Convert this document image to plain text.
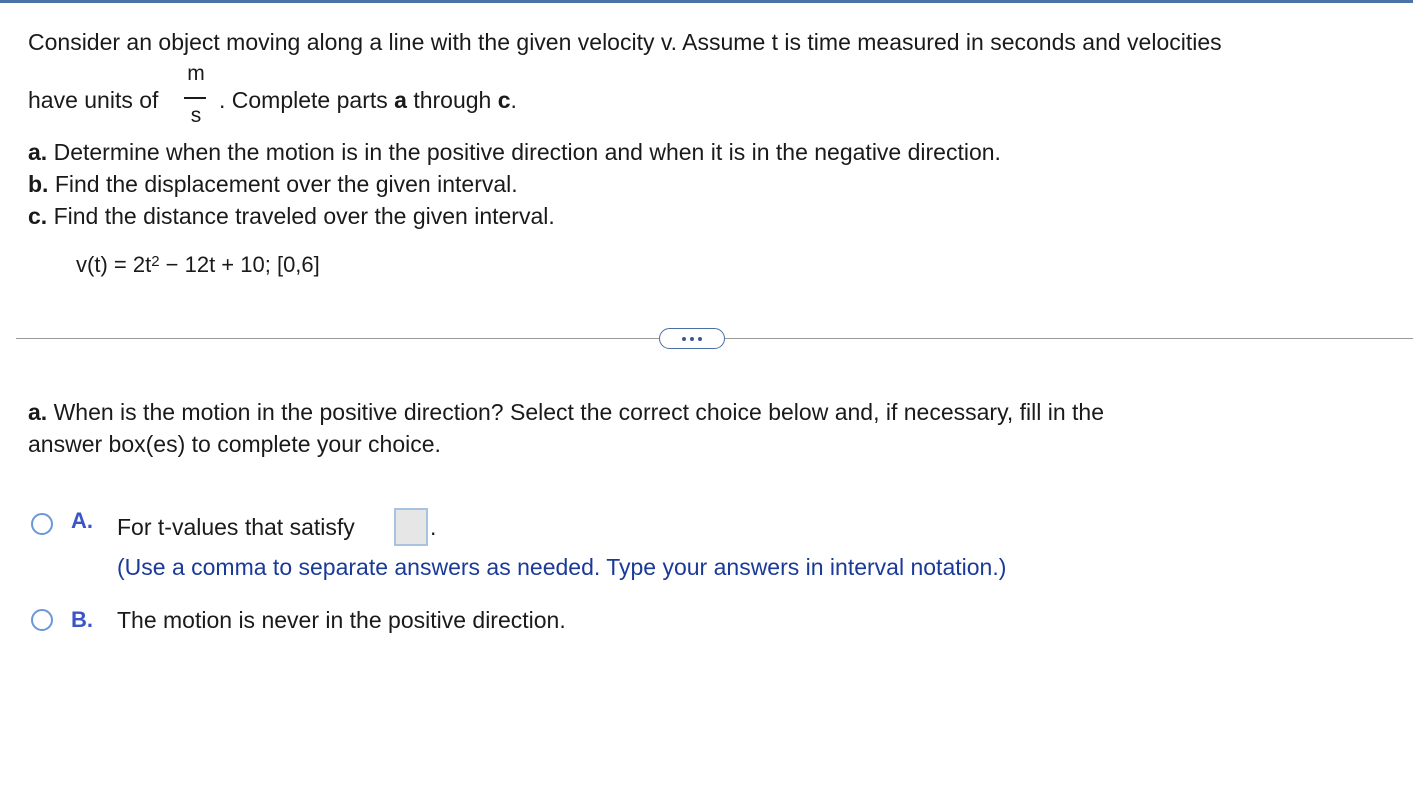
Consider an object moving along a line with the given velocity v. Assume t is time measured in seconds and velocities
have units of
m
s
. Complete parts a through c.
a. Determine when the motion is in the positive direction and when it is in the negative direction.
b. Find the displacement over the given interval.
c. Find the distance traveled over the given interval.
$v(t) = 2t^2 - 12t + 10$; [0,6]
a. When is the motion in the positive direction? Select the correct choice below and, if necessary, fill in the
answer box(es) to complete your choice.
A. For t-values that satisfy	.
(Use a comma to separate answers as needed. Type your answers in interval notation.)
B. The motion is never in the positive direction.
